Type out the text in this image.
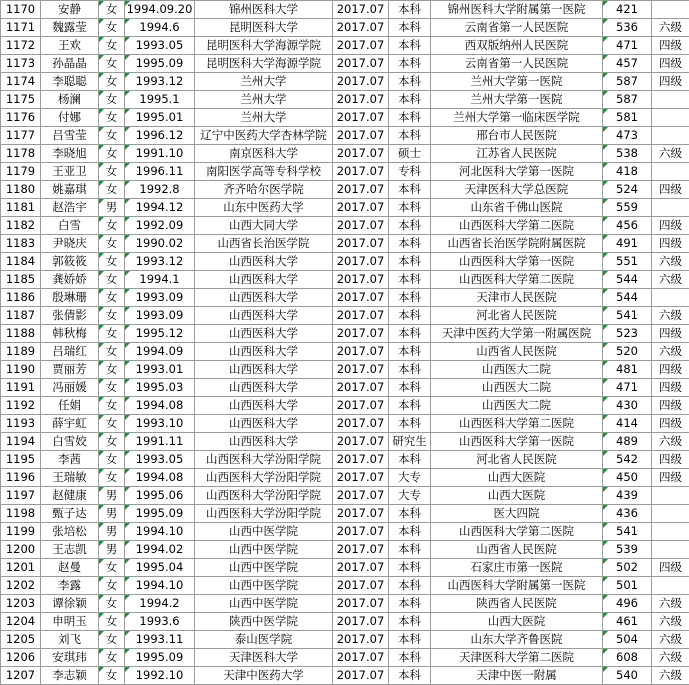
1170	安静	女	1994.09.20	锦州医科大学	2017.07	本科	锦州医科大学附属第一医院	421	
1171	魏露莹	女	1994.6	昆明医科大学	2017.07	本科	云南省第一人民医院	536	六级
1172	王欢	女	1993.05	昆明医科大学海源学院	2017.07	本科	西双版纳州人民医院	471	四级
1173	孙晶晶	女	1995.09	昆明医科大学海源学院	2017.07	本科	云南省第一人民医院	457	四级
1174	李聪聪	女	1993.12	兰州大学	2017.07	本科	兰州大学第一医院	587	四级
1175	杨澜	女	1995.1	兰州大学	2017.07	本科	兰州大学第一医院	587	
1176	付娜	女	1995.01	兰州大学	2017.07	本科	兰州大学第一临床医学院	581	
1177	吕雪莹	女	1996.12	辽宁中医药大学杏林学院	2017.07	本科	邢台市人民医院	473	
1178	李晓旭	女	1991.10	南京医科大学	2017.07	硕士	江苏省人民医院	538	六级
1179	王亚卫	女	1996.11	南阳医学高等专科学校	2017.07	专科	河北医科大学第一医院	418	
1180	姚嘉琪	女	1992.8	齐齐哈尔医学院	2017.07	本科	天津医科大学总医院	524	四级
1181	赵浩宇	男	1994.12	山东中医药大学	2017.07	本科	山东省千佛山医院	559	
1182	白雪	女	1992.09	山西大同大学	2017.07	本科	山西医科大学第二医院	456	四级
1183	尹晓庆	女	1990.02	山西省长治医学院	2017.07	本科	山西省长治医学院附属医院	491	四级
1184	郭筱筱	女	1993.12	山西医科大学	2017.07	本科	山西医科大学第一医院	551	六级
1185	龚娇娇	女	1994.1	山西医科大学	2017.07	本科	山西医科大学第二医院	544	六级
1186	殷琳珊	女	1993.09	山西医科大学	2017.07	本科	天津市人民医院	544	
1187	张倩影	女	1993.09	山西医科大学	2017.07	本科	河北省人民医院	541	六级
1188	韩秋梅	女	1995.12	山西医科大学	2017.07	本科	天津中医药大学第一附属医院	523	四级
1189	吕瑞红	女	1994.09	山西医科大学	2017.07	本科	山西省人民医院	520	六级
1190	贾丽芳	女	1993.01	山西医科大学	2017.07	本科	山西医大二院	481	四级
1191	冯丽媛	女	1995.03	山西医科大学	2017.07	本科	山西医大二院	471	四级
1192	任娟	女	1994.08	山西医科大学	2017.07	本科	山西医大二院	430	四级
1193	薛宇虹	女	1993.10	山西医科大学	2017.07	本科	山西医科大学第二医院	414	四级
1194	白雪姣	女	1991.11	山西医科大学	2017.07	研究生	山西医科大学第一医院	489	六级
1195	李茜	女	1993.05	山西医科大学汾阳学院	2017.07	本科	河北省人民医院	542	四级
1196	王瑞敏	女	1994.08	山西医科大学汾阳学院	2017.07	大专	山西大医院	450	四级
1197	赵健康	男	1995.06	山西医科大学汾阳学院	2017.07	大专	山西大医院	439	
1198	甄子达	男	1995.09	山西医科大学汾阳学院	2017.07	本科	医大四院	436	
1199	张培松	男	1994.10	山西中医学院	2017.07	本科	山西医科大学第二医院	541	
1200	王志凯	男	1994.02	山西中医学院	2017.07	本科	山西省人民医院	539	
1201	赵曼	女	1995.04	山西中医学院	2017.07	本科	石家庄市第一医院	502	四级
1202	李露	女	1994.10	山西中医学院	2017.07	本科	山西医科大学附属第一医院	501	
1203	谭徐颖	女	1994.2	山西中医学院	2017.07	本科	陕西省人民医院	496	六级
1204	申明玉	女	1993.6	陕西中医学院	2017.07	本科	山西大医院	461	六级
1205	刘飞	女	1993.11	泰山医学院	2017.07	本科	山东大学齐鲁医院	504	六级
1206	安琪玮	女	1995.09	天津医科大学	2017.07	本科	天津医科大学第二医院	608	六级
1207	李志颖	女	1992.10	天津中医药大学	2017.07	本科	天津中医一附属	540	六级
